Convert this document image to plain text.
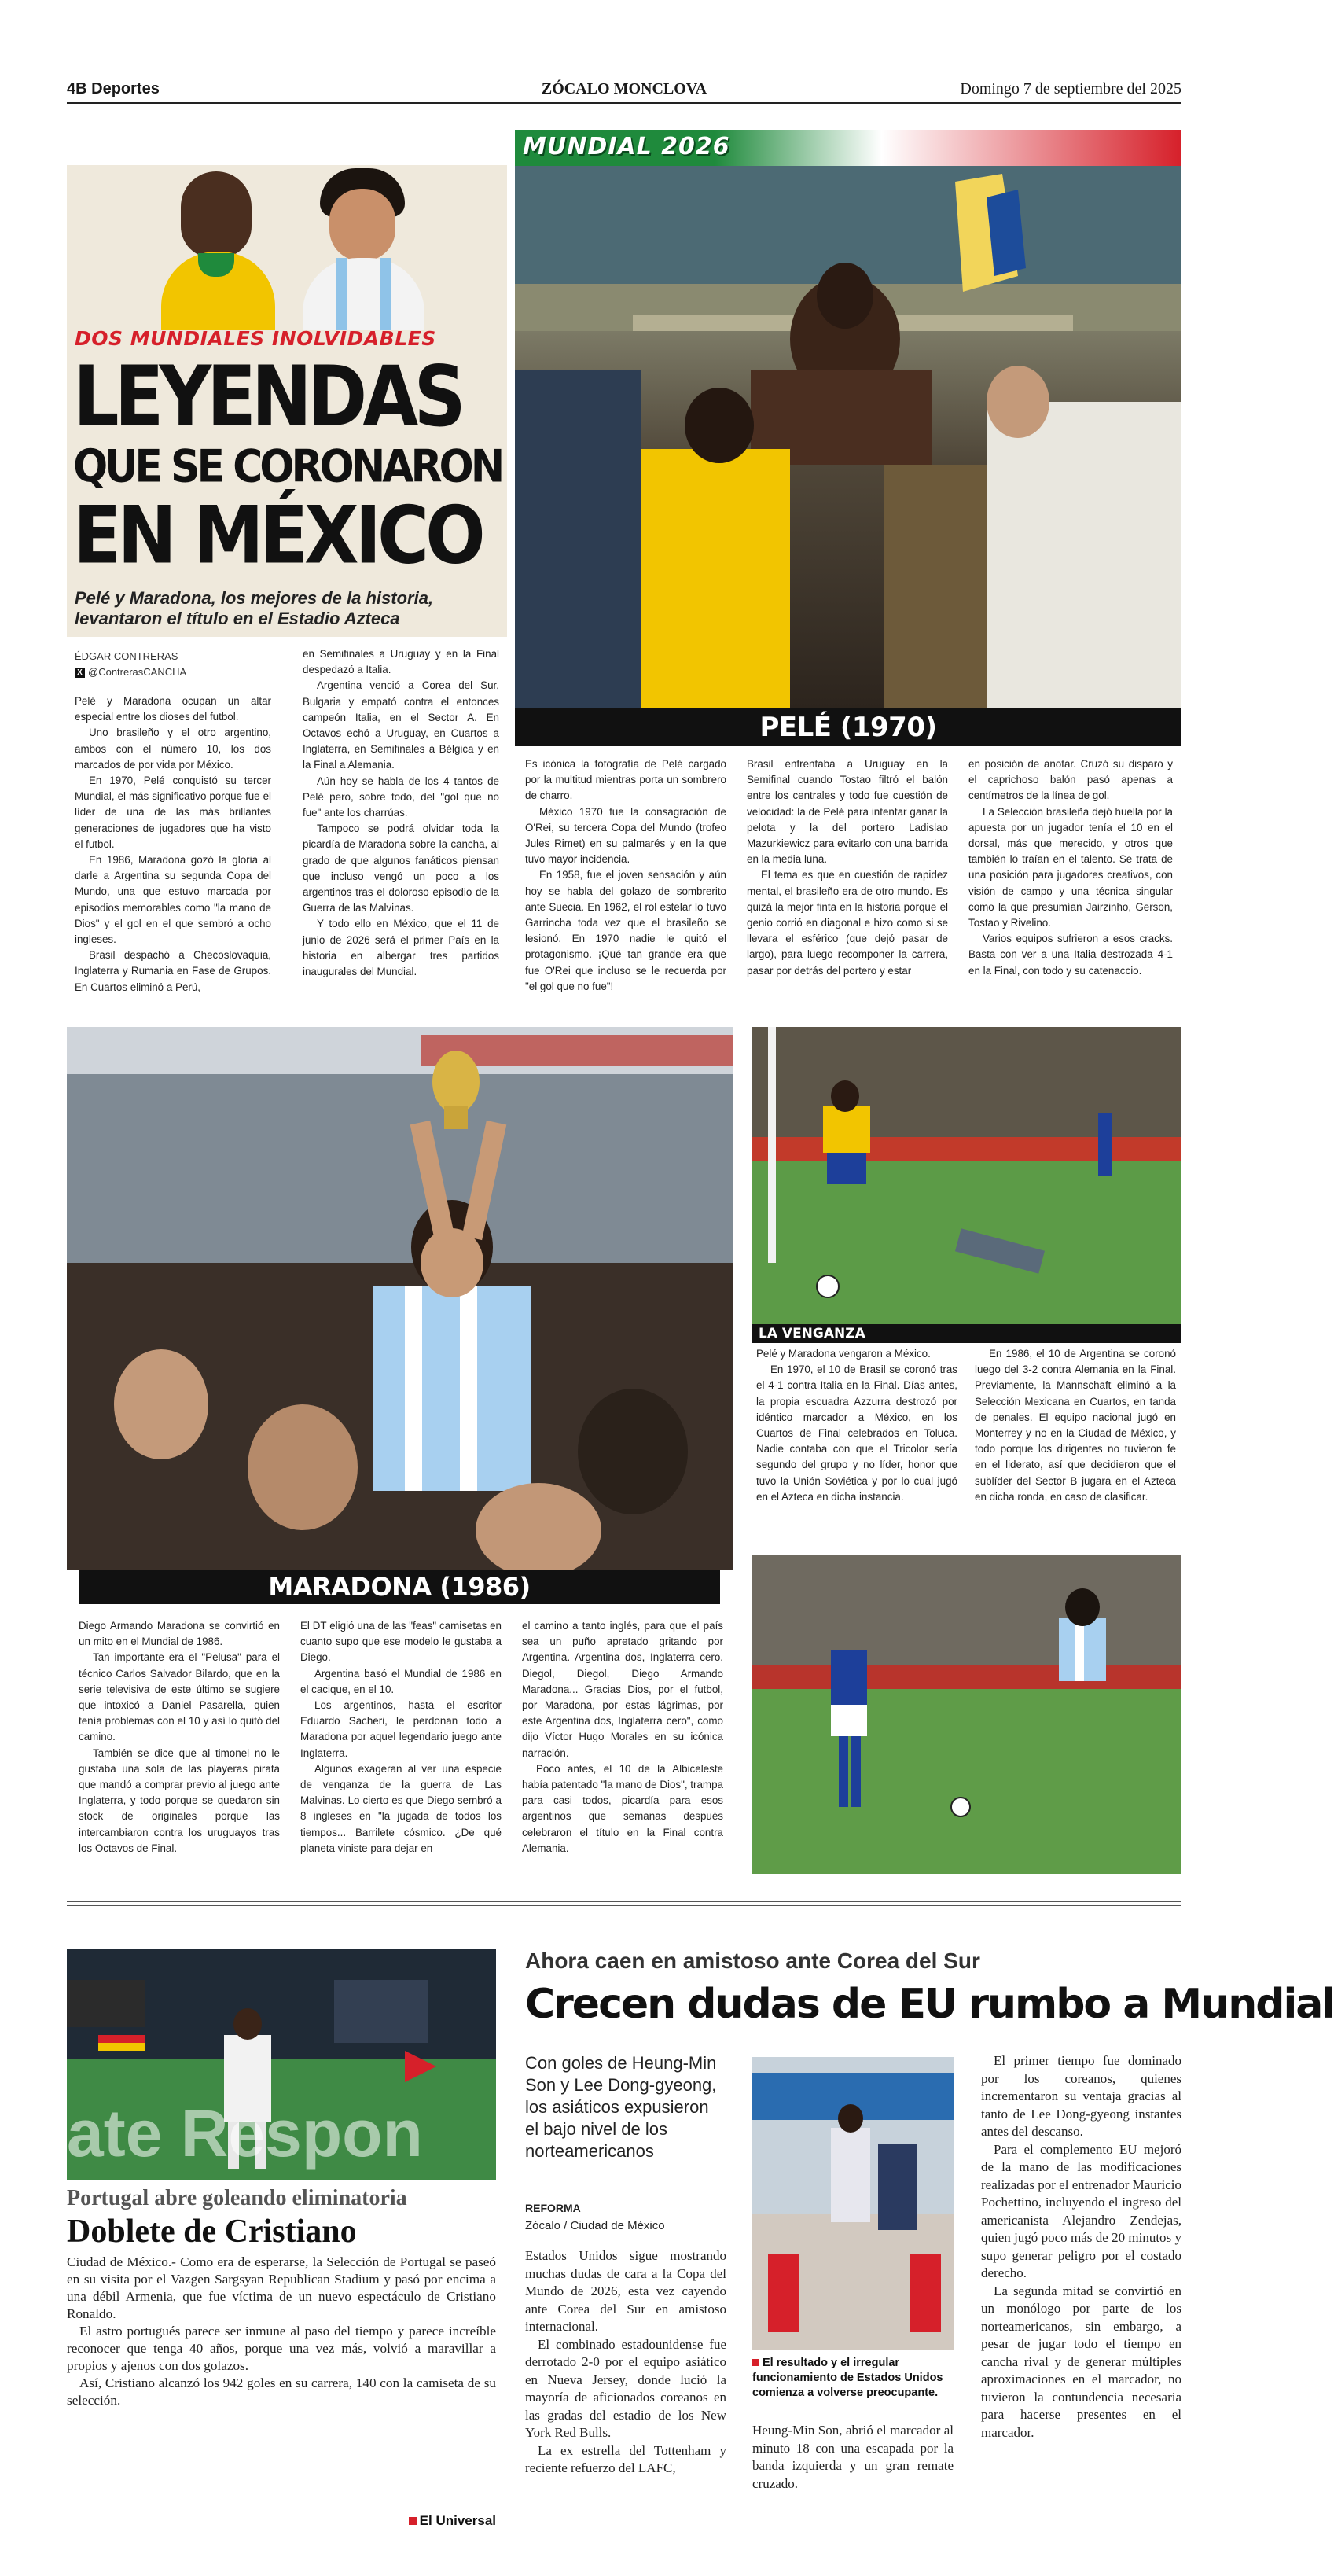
4B Deportes	ZÓCALO MONCLOVA	Domingo 7 de septiembre del 2025
DOS MUNDIALES INOLVIDABLES
LEYENDAS
QUE SE CORONARON
EN MÉXICO
Pelé y Maradona, los mejores de la historia, levantaron el título en el Estadio Azteca
ÉDGAR CONTRERAS
X @ContrerasCANCHA

Pelé y Maradona ocupan un altar especial entre los dioses del futbol.

Uno brasileño y el otro argentino, ambos con el número 10, los dos marcados de por vida por México.

En 1970, Pelé conquistó su tercer Mundial, el más significativo porque fue el líder de una de las más brillantes generaciones de jugadores que ha visto el futbol.

En 1986, Maradona gozó la gloria al darle a Argentina su segunda Copa del Mundo, una que estuvo marcada por episodios memorables como "la mano de Dios" y el gol en el que sembró a ocho ingleses.

Brasil despachó a Checoslovaquia, Inglaterra y Rumania en Fase de Grupos. En Cuartos eliminó a Perú,

en Semifinales a Uruguay y en la Final despedazó a Italia.

Argentina venció a Corea del Sur, Bulgaria y empató contra el entonces campeón Italia, en el Sector A. En Octavos echó a Uruguay, en Cuartos a Inglaterra, en Semifinales a Bélgica y en la Final a Alemania.

Aún hoy se habla de los 4 tantos de Pelé pero, sobre todo, del "gol que no fue" ante los charrúas.

Tampoco se podrá olvidar toda la picardía de Maradona sobre la cancha, al grado de que algunos fanáticos piensan que incluso vengó un poco a los argentinos tras el doloroso episodio de la Guerra de las Malvinas.

Y todo ello en México, que el 11 de junio de 2026 será el primer País en la historia en albergar tres partidos inaugurales del Mundial.

MUNDIAL 2026
PELÉ (1970)

Es icónica la fotografía de Pelé cargado por la multitud mientras porta un sombrero de charro.

México 1970 fue la consagración de O'Rei, su tercera Copa del Mundo (trofeo Jules Rimet) en su palmarés y en la que tuvo mayor incidencia.

En 1958, fue el joven sensación y aún hoy se habla del golazo de sombrerito ante Suecia. En 1962, el rol estelar lo tuvo Garrincha toda vez que el brasileño se lesionó. En 1970 nadie le quitó el protagonismo. ¡Qué tan grande era que fue O'Rei que incluso se le recuerda por "el gol que no fue"!

Brasil enfrentaba a Uruguay en la Semifinal cuando Tostao filtró el balón entre los centrales y todo fue cuestión de velocidad: la de Pelé para intentar ganar la pelota y la del portero Ladislao Mazurkiewicz para evitarlo con una barrida en la media luna.

El tema es que en cuestión de rapidez mental, el brasileño era de otro mundo. Es quizá la mejor finta en la historia porque el genio corrió en diagonal e hizo como si se llevara el esférico (que dejó pasar de largo), para luego recomponer la carrera, pasar por detrás del portero y estar

en posición de anotar. Cruzó su disparo y el caprichoso balón pasó apenas a centímetros de la línea de gol.

La Selección brasileña dejó huella por la apuesta por un jugador tenía el 10 en el dorsal, más que merecido, y otros que también lo traían en el talento. Se trata de una posición para jugadores creativos, con visión de campo y una técnica singular como la que presumían Jairzinho, Gerson, Tostao y Rivelino.

Varios equipos sufrieron a esos cracks. Basta con ver a una Italia destrozada 4-1 en la Final, con todo y su catenaccio.

MARADONA (1986)

Diego Armando Maradona se convirtió en un mito en el Mundial de 1986.

Tan importante era el "Pelusa" para el técnico Carlos Salvador Bilardo, que en la serie televisiva de este último se sugiere que intoxicó a Daniel Pasarella, quien tenía problemas con el 10 y así lo quitó del camino.

También se dice que al timonel no le gustaba una sola de las playeras pirata que mandó a comprar previo al juego ante Inglaterra, y todo porque se quedaron sin stock de originales porque las intercambiaron contra los uruguayos tras los Octavos de Final.

El DT eligió una de las "feas" camisetas en cuanto supo que ese modelo le gustaba a Diego.

Argentina basó el Mundial de 1986 en el cacique, en el 10.

Los argentinos, hasta el escritor Eduardo Sacheri, le perdonan todo a Maradona por aquel legendario juego ante Inglaterra.

Algunos exageran al ver una especie de venganza de la guerra de Las Malvinas. Lo cierto es que Diego sembró a 8 ingleses en "la jugada de todos los tiempos... Barrilete cósmico. ¿De qué planeta viniste para dejar en

el camino a tanto inglés, para que el país sea un puño apretado gritando por Argentina. Argentina dos, Inglaterra cero. Diegol, Diegol, Diego Armando Maradona... Gracias Dios, por el futbol, por Maradona, por estas lágrimas, por este Argentina dos, Inglaterra cero", como dijo Víctor Hugo Morales en su icónica narración.

Poco antes, el 10 de la Albiceleste había patentado "la mano de Dios", trampa para casi todos, picardía para esos argentinos que semanas después celebraron el título en la Final contra Alemania.

LA VENGANZA

Pelé y Maradona vengaron a México.

En 1970, el 10 de Brasil se coronó tras el 4-1 contra Italia en la Final. Días antes, la propia escuadra Azzurra destrozó por idéntico marcador a México, en los Cuartos de Final celebrados en Toluca. Nadie contaba con que el Tricolor sería segundo del grupo y no líder, honor que tuvo la Unión Soviética y por lo cual jugó en el Azteca en dicha instancia.

En 1986, el 10 de Argentina se coronó luego del 3-2 contra Alemania en la Final. Previamente, la Mannschaft eliminó a la Selección Mexicana en Cuartos, en tanda de penales. El equipo nacional jugó en Monterrey y no en la Ciudad de México, y todo porque los dirigentes no tuvieron fe en el liderato, así que decidieron que el sublíder del Sector B jugara en el Azteca en dicha ronda, en caso de clasificar.

ate Respon
Portugal abre goleando eliminatoria
Doblete de Cristiano

Ciudad de México.- Como era de esperarse, la Selección de Portugal se paseó en su visita por el Vazgen Sargsyan Republican Stadium y pasó por encima a una débil Armenia, que fue víctima de un nuevo espectáculo de Cristiano Ronaldo.

El astro portugués parece ser inmune al paso del tiempo y parece increíble reconocer que tenga 40 años, porque una vez más, volvió a maravillar a propios y ajenos con dos golazos.

Así, Cristiano alcanzó los 942 goles en su carrera, 140 con la camiseta de su selección.

El Universal
Ahora caen en amistoso ante Corea del Sur
Crecen dudas de EU rumbo a Mundial
Con goles de Heung-Min Son y Lee Dong-gyeong, los asiáticos expusieron el bajo nivel de los norteamericanos
REFORMA
Zócalo / Ciudad de México

Estados Unidos sigue mostrando muchas dudas de cara a la Copa del Mundo de 2026, esta vez cayendo ante Corea del Sur en amistoso internacional.

El combinado estadounidense fue derrotado 2-0 por el equipo asiático en Nueva Jersey, donde lució la mayoría de aficionados coreanos en las gradas del estadio de los New York Red Bulls.

La ex estrella del Tottenham y reciente refuerzo del LAFC,

El resultado y el irregular funcionamiento de Estados Unidos comienza a volverse preocupante.

Heung-Min Son, abrió el marcador al minuto 18 con una escapada por la banda izquierda y un gran remate cruzado.

El primer tiempo fue dominado por los coreanos, quienes incrementaron su ventaja gracias al tanto de Lee Dong-gyeong instantes antes del descanso.

Para el complemento EU mejoró de la mano de las modificaciones realizadas por el entrenador Mauricio Pochettino, incluyendo el ingreso del americanista Alejandro Zendejas, quien jugó poco más de 20 minutos y supo generar peligro por el costado derecho.

La segunda mitad se convirtió en un monólogo por parte de los norteamericanos, sin embargo, a pesar de jugar todo el tiempo en cancha rival y de generar múltiples aproximaciones en el marcador, no tuvieron la contundencia necesaria para hacerse presentes en el marcador.
